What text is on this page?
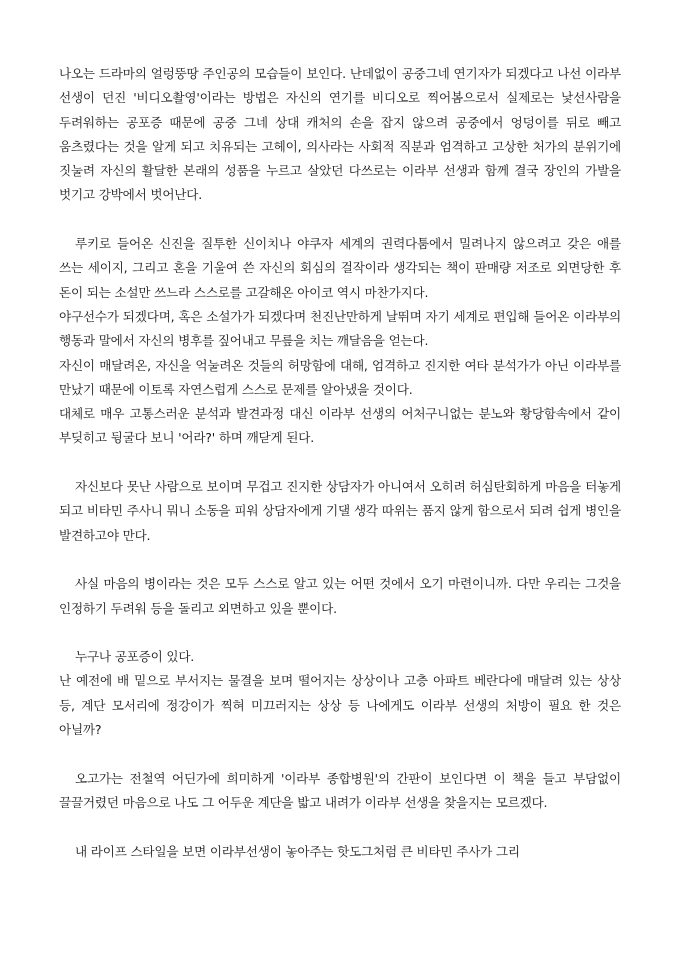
나오는 드라마의 얼렁뚱땅 주인공의 모습들이 보인다. 난데없이 공중그네 연기자가 되겠다고 나선 이라부 선생이 던진 '비디오촬영'이라는 방법은 자신의 연기를 비디오로 찍어봄으로서 실제로는 낯선사람을 두려워하는 공포증 때문에 공중 그네 상대 캐처의 손을 잡지 않으려 공중에서 엉덩이를 뒤로 빼고 움츠렸다는 것을 알게 되고 치유되는 고헤이, 의사라는 사회적 직분과 엄격하고 고상한 처가의 분위기에 짓눌려 자신의 활달한 본래의 성품을 누르고 살았던 다쓰로는 이라부 선생과 함께 결국 장인의 가발을 벗기고 강박에서 벗어난다.

루키로 들어온 신진을 질투한 신이치나 야쿠자 세계의 권력다툼에서 밀려나지 않으려고 갖은 애를 쓰는 세이지, 그리고 혼을 기울여 쓴 자신의 회심의 걸작이라 생각되는 책이 판매량 저조로 외면당한 후 돈이 되는 소설만 쓰느라 스스로를 고갈해온 아이코 역시 마찬가지다.

야구선수가 되겠다며, 혹은 소설가가 되겠다며 천진난만하게 날뛰며 자기 세계로 편입해 들어온 이라부의 행동과 말에서 자신의 병후를 짚어내고 무릎을 치는 깨달음을 얻는다.

자신이 매달려온, 자신을 억눌려온 것들의 허망함에 대해, 엄격하고 진지한 여타 분석가가 아닌 이라부를 만났기 때문에 이토록 자연스럽게 스스로 문제를 알아냈을 것이다.

대체로 매우 고통스러운 분석과 발견과정 대신 이라부 선생의 어처구니없는 분노와 황당함속에서 같이 부딪히고 뒹굴다 보니 '어라?' 하며 깨닫게 된다.

자신보다 못난 사람으로 보이며 무겁고 진지한 상담자가 아니여서 오히려 허심탄회하게 마음을 터놓게 되고 비타민 주사니 뭐니 소동을 피워 상담자에게 기댈 생각 따위는 품지 않게 함으로서 되려 쉽게 병인을 발견하고야 만다.

사실 마음의 병이라는 것은 모두 스스로 알고 있는 어떤 것에서 오기 마련이니까. 다만 우리는 그것을 인정하기 두려워 등을 돌리고 외면하고 있을 뿐이다.

누구나 공포증이 있다.

난 예전에 배 밑으로 부서지는 물결을 보며 떨어지는 상상이나 고층 아파트 베란다에 매달려 있는 상상 등, 계단 모서리에 정강이가 찍혀 미끄러지는 상상 등 나에게도 이라부 선생의 처방이 필요 한 것은 아닐까?

오고가는 전철역 어딘가에 희미하게 '이라부 종합병원'의 간판이 보인다면 이 책을 들고 부담없이 끌끌거렸던 마음으로 나도 그 어두운 계단을 밟고 내려가 이라부 선생을 찾을지는 모르겠다.

내 라이프 스타일을 보면 이라부선생이 놓아주는 핫도그처럼 큰 비타민 주사가 그리
